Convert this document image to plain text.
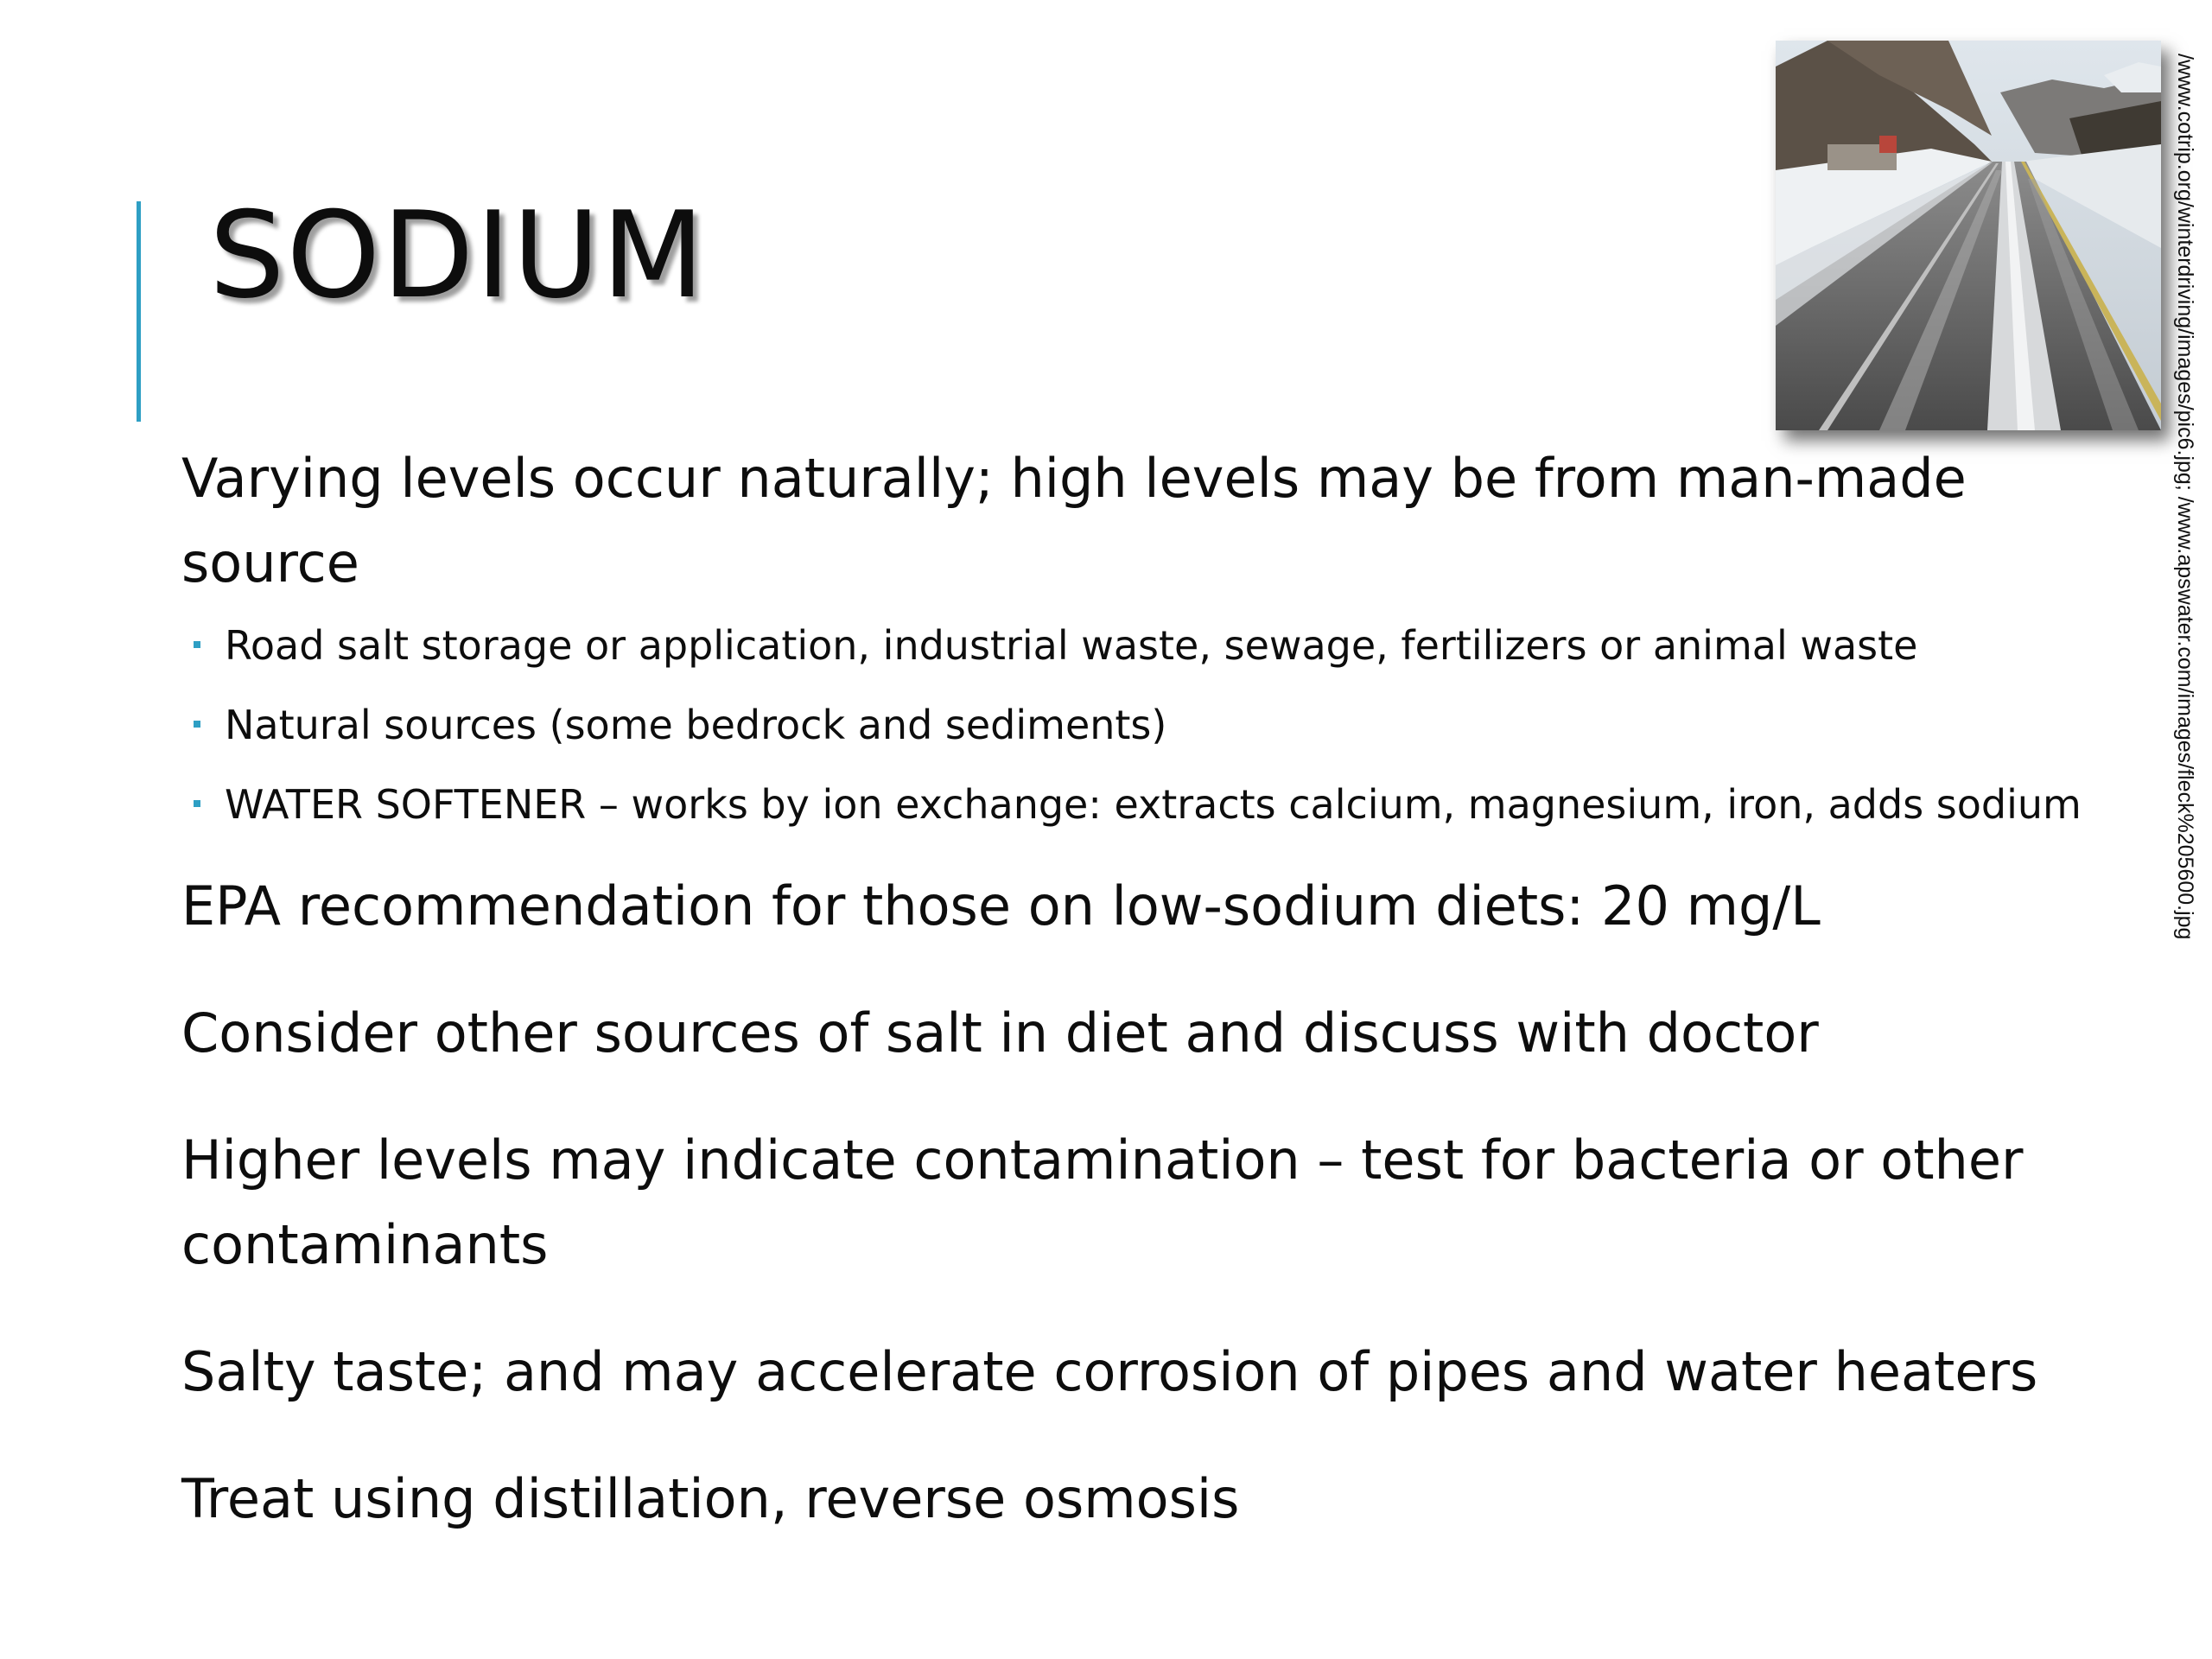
SODIUM	/www.cotrip.org/winterdriving/images/pic6.jpg; /www.apswater.com/images/fleck%205600.jpg

Varying levels occur naturally; high levels may be from man-made source

Road salt storage or application, industrial waste, sewage, fertilizers or animal waste
Natural sources (some bedrock and sediments)
WATER SOFTENER – works by ion exchange: extracts calcium, magnesium, iron, adds sodium

EPA recommendation for those on low-sodium diets: 20 mg/L

Consider other sources of salt in diet and discuss with doctor

Higher levels may indicate contamination – test for bacteria or other contaminants

Salty taste; and may accelerate corrosion of pipes and water heaters

Treat using distillation, reverse osmosis
